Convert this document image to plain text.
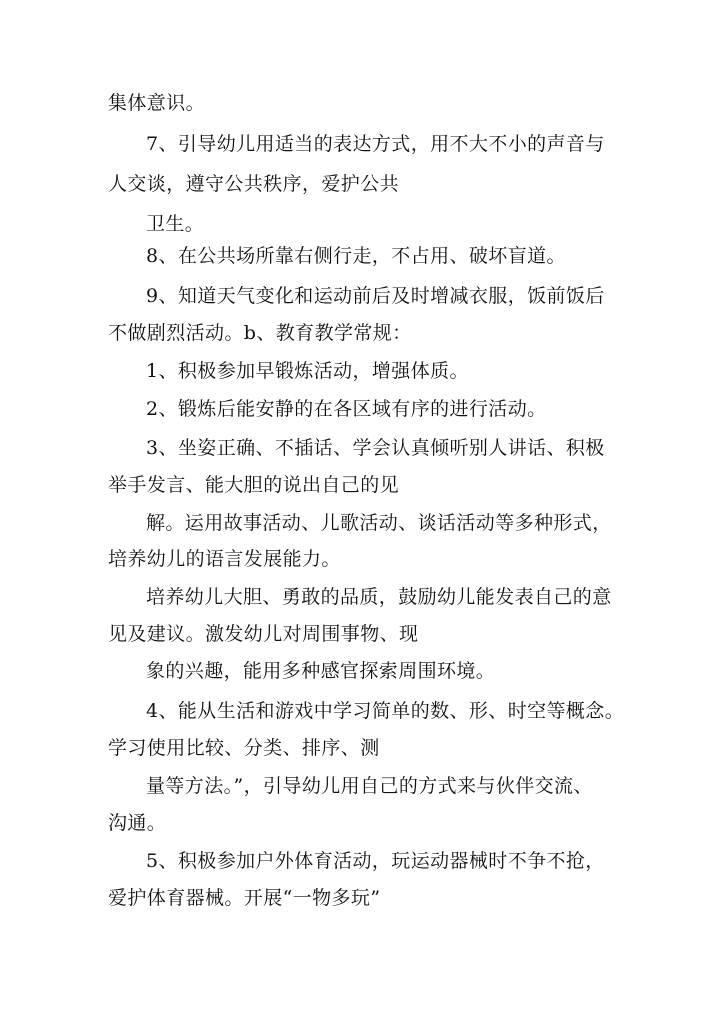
集体意识。
7、引导幼儿用适当的表达方式，用不大不小的声音与
人交谈，遵守公共秩序，爱护公共
卫生。
8、在公共场所靠右侧行走，不占用、破坏盲道。
9、知道天气变化和运动前后及时增减衣服，饭前饭后
不做剧烈活动。b、教育教学常规：
1、积极参加早锻炼活动，增强体质。
2、锻炼后能安静的在各区域有序的进行活动。
3、坐姿正确、不插话、学会认真倾听别人讲话、积极
举手发言、能大胆的说出自己的见
解。运用故事活动、儿歌活动、谈话活动等多种形式，
培养幼儿的语言发展能力。
培养幼儿大胆、勇敢的品质，鼓励幼儿能发表自己的意
见及建议。激发幼儿对周围事物、现
象的兴趣，能用多种感官探索周围环境。
4、能从生活和游戏中学习简单的数、形、时空等概念。
学习使用比较、分类、排序、测
量等方法。”，引导幼儿用自己的方式来与伙伴交流、
沟通。
5、积极参加户外体育活动，玩运动器械时不争不抢，
爱护体育器械。开展“一物多玩”
